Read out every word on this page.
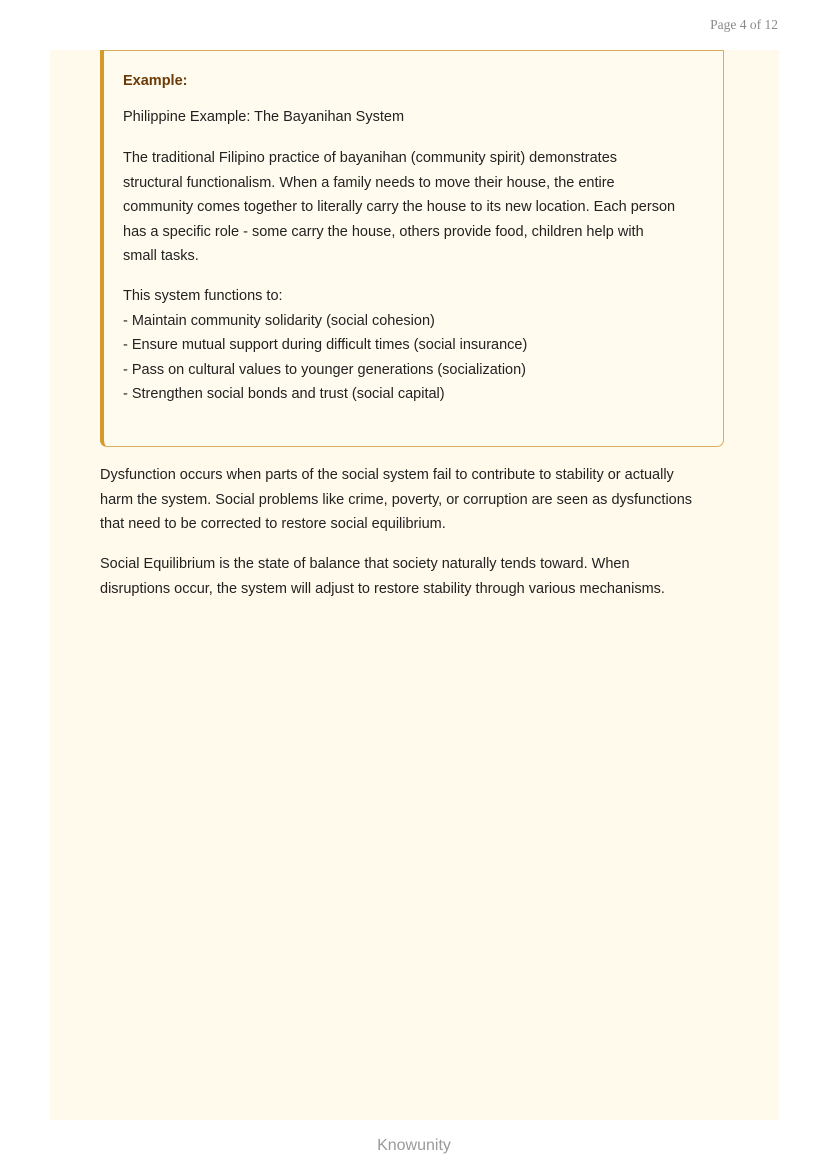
Page 4 of 12
Example:
Philippine Example: The Bayanihan System

The traditional Filipino practice of bayanihan (community spirit) demonstrates
structural functionalism. When a family needs to move their house, the entire
community comes together to literally carry the house to its new location. Each person
has a specific role - some carry the house, others provide food, children help with
small tasks.

This system functions to:

- Maintain community solidarity (social cohesion)
- Ensure mutual support during difficult times (social insurance)
- Pass on cultural values to younger generations (socialization)
- Strengthen social bonds and trust (social capital)

Dysfunction occurs when parts of the social system fail to contribute to stability or actually
harm the system. Social problems like crime, poverty, or corruption are seen as dysfunctions
that need to be corrected to restore social equilibrium.

Social Equilibrium is the state of balance that society naturally tends toward. When
disruptions occur, the system will adjust to restore stability through various mechanisms.

Knowunity
